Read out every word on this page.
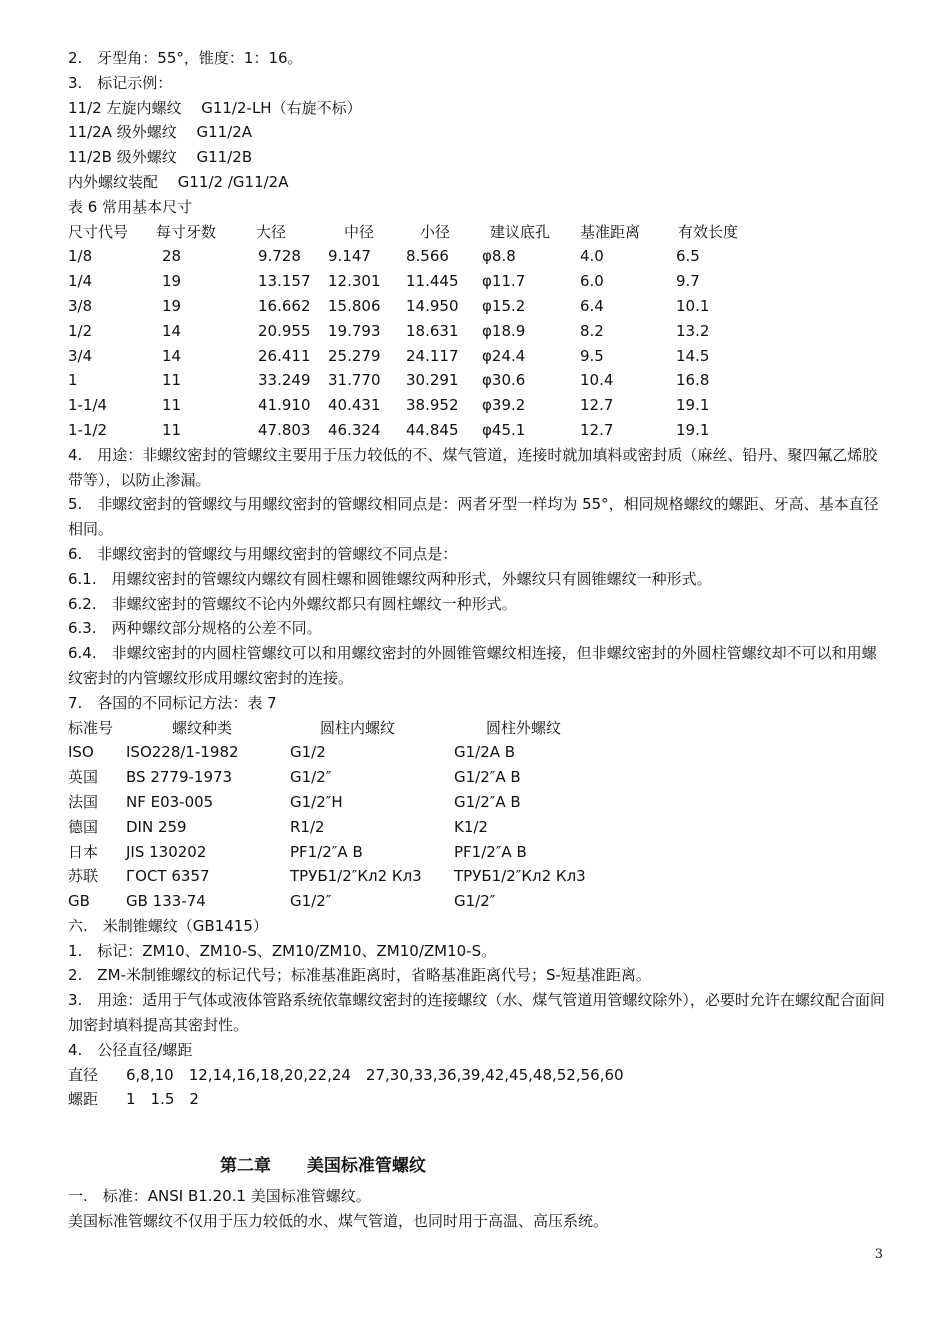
2.　牙型角：55°，锥度：1：16。
3.　标记示例：
11/2 左旋内螺纹　 G11/2-LH（右旋不标）
11/2A 级外螺纹　 G11/2A
11/2B 级外螺纹　 G11/2B
内外螺纹装配　 G11/2 /G11/2A
表 6 常用基本尺寸
尺寸代号	每寸牙数	大径	中径	小径	建议底孔	基准距离	有效长度
1/8	28	9.728	9.147	8.566	φ8.8	4.0	6.5
1/4	19	13.157	12.301	11.445	φ11.7	6.0	9.7
3/8	19	16.662	15.806	14.950	φ15.2	6.4	10.1
1/2	14	20.955	19.793	18.631	φ18.9	8.2	13.2
3/4	14	26.411	25.279	24.117	φ24.4	9.5	14.5
1	11	33.249	31.770	30.291	φ30.6	10.4	16.8
1-1/4	11	41.910	40.431	38.952	φ39.2	12.7	19.1
1-1/2	11	47.803	46.324	44.845	φ45.1	12.7	19.1
4.　用途：非螺纹密封的管螺纹主要用于压力较低的不、煤气管道，连接时就加填料或密封质（麻丝、铅丹、聚四氟乙烯胶带等），以防止渗漏。
5.　非螺纹密封的管螺纹与用螺纹密封的管螺纹相同点是：两者牙型一样均为 55°，相同规格螺纹的螺距、牙高、基本直径相同。
6.　非螺纹密封的管螺纹与用螺纹密封的管螺纹不同点是：
6.1.　用螺纹密封的管螺纹内螺纹有圆柱螺和圆锥螺纹两种形式，外螺纹只有圆锥螺纹一种形式。
6.2.　非螺纹密封的管螺纹不论内外螺纹都只有圆柱螺纹一种形式。
6.3.　两种螺纹部分规格的公差不同。
6.4.　非螺纹密封的内圆柱管螺纹可以和用螺纹密封的外圆锥管螺纹相连接，但非螺纹密封的外圆柱管螺纹却不可以和用螺纹密封的内管螺纹形成用螺纹密封的连接。
7.　各国的不同标记方法：表 7
标准号	螺纹种类	圆柱内螺纹	圆柱外螺纹
ISO	ISO228/1-1982	G1/2	G1/2A B
英国	BS 2779-1973	G1/2″	G1/2″A B
法国	NF E03-005	G1/2″H	G1/2″A B
德国	DIN 259	R1/2	K1/2
日本	JIS 130202	PF1/2″A B	PF1/2″A B
苏联	ГОСТ 6357	ТРУБ1/2″Кл2 Кл3	ТРУБ1/2″Кл2 Кл3
GB	GB 133-74	G1/2″	G1/2″
六.　米制锥螺纹（GB1415）
1.　标记：ZM10、ZM10-S、ZM10/ZM10、ZM10/ZM10-S。
2.　ZM-米制锥螺纹的标记代号；标准基准距离时，省略基准距离代号；S-短基准距离。
3.　用途：适用于气体或液体管路系统依靠螺纹密封的连接螺纹（水、煤气管道用管螺纹除外），必要时允许在螺纹配合面间加密封填料提高其密封性。
4.　公径直径/螺距
直径	6,8,10　12,14,16,18,20,22,24　27,30,33,36,39,42,45,48,52,56,60
螺距	1　1.5　2
第二章 美国标准管螺纹
一.　标准：ANSI B1.20.1 美国标准管螺纹。
美国标准管螺纹不仅用于压力较低的水、煤气管道，也同时用于高温、高压系统。
3
